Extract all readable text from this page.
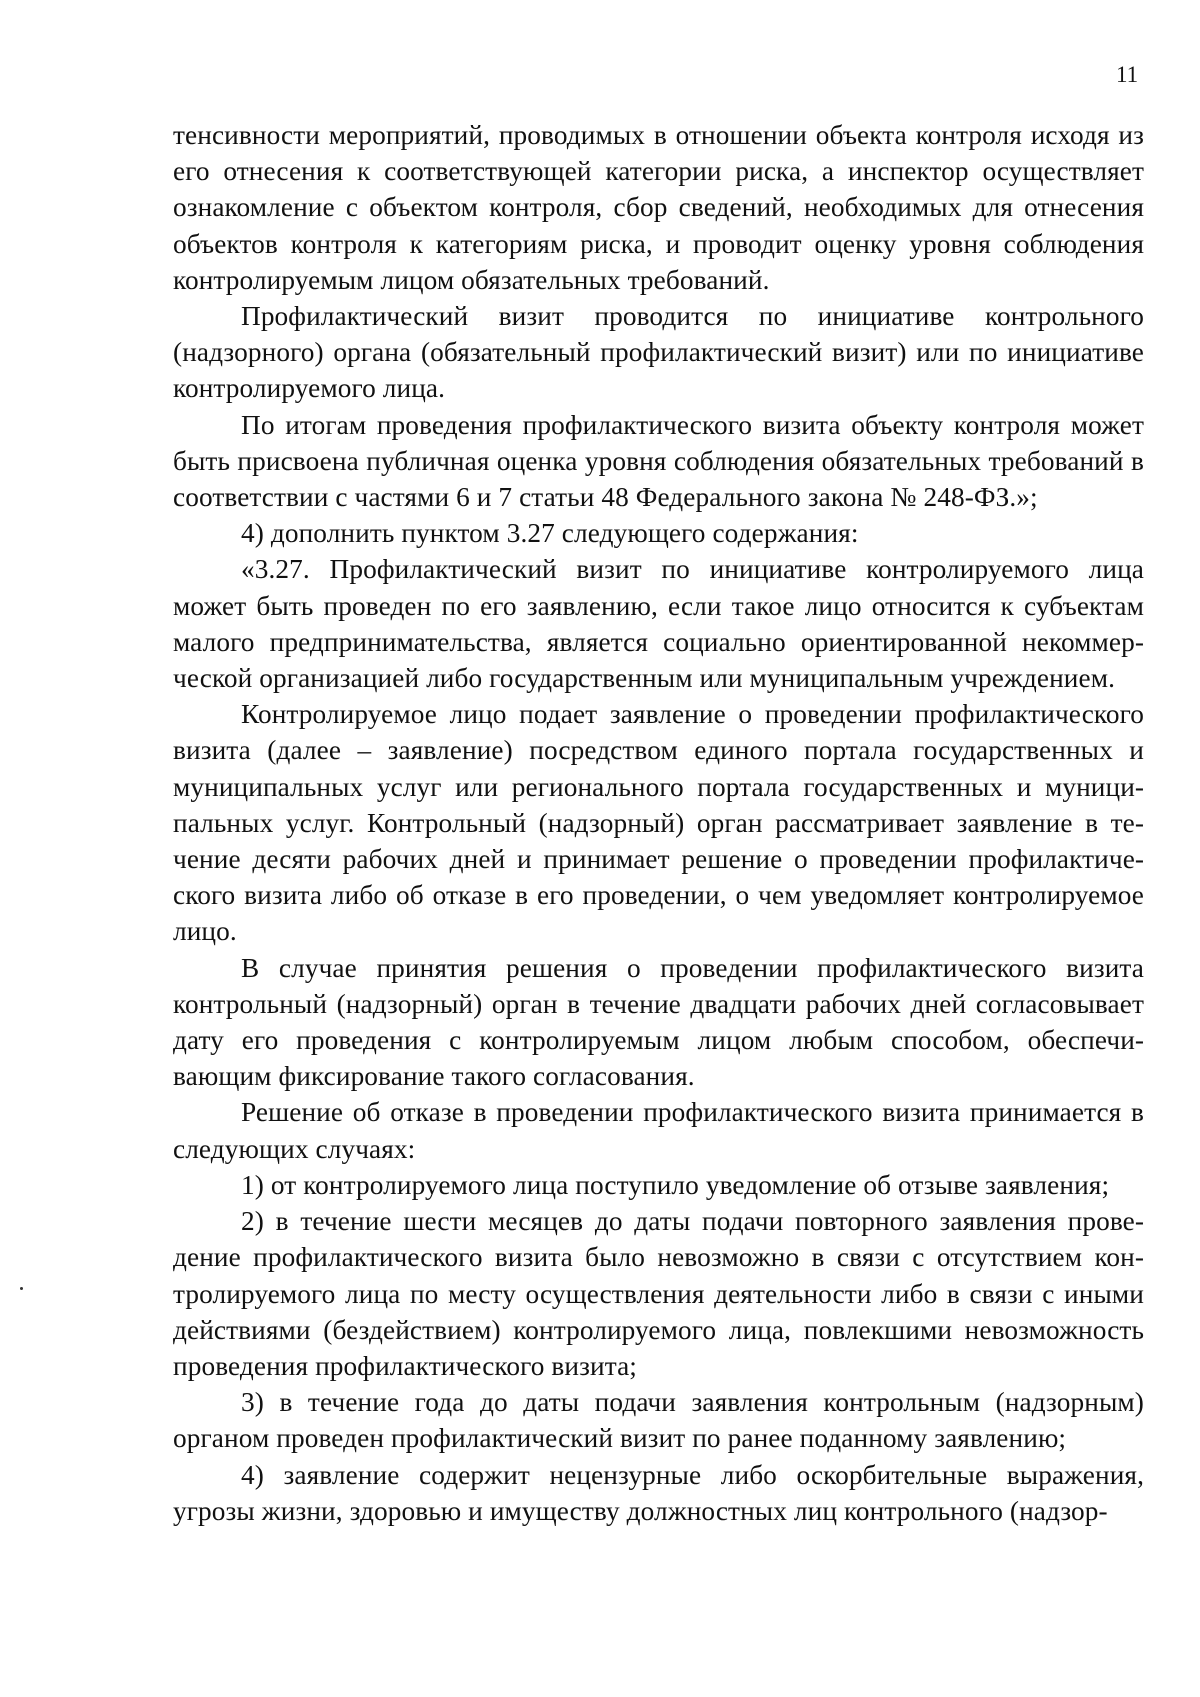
11

тенсивности мероприятий, проводимых в отношении объекта контроля исходя из его отнесения к соответствующей категории риска, а инспектор осуществляет ознакомление с объектом контроля, сбор сведений, необходимых для отнесения объектов контроля к категориям риска, и проводит оценку уровня соблюдения контролируемым лицом обязательных требований.

Профилактический визит проводится по инициативе контрольного (надзорного) органа (обязательный профилактический визит) или по инициативе контролируемого лица.

По итогам проведения профилактического визита объекту контроля может быть присвоена публичная оценка уровня соблюдения обязательных требований в соответствии с частями 6 и 7 статьи 48 Федерального закона № 248-ФЗ.»;

4) дополнить пунктом 3.27 следующего содержания:

«3.27. Профилактический визит по инициативе контролируемого лица может быть проведен по его заявлению, если такое лицо относится к субъектам малого предпринимательства, является социально ориентированной некоммерческой организацией либо государственным или муниципальным учреждением.

Контролируемое лицо подает заявление о проведении профилактического визита (далее – заявление) посредством единого портала государственных и муниципальных услуг или регионального портала государственных и муниципальных услуг. Контрольный (надзорный) орган рассматривает заявление в течение десяти рабочих дней и принимает решение о проведении профилактического визита либо об отказе в его проведении, о чем уведомляет контролируемое лицо.

В случае принятия решения о проведении профилактического визита контрольный (надзорный) орган в течение двадцати рабочих дней согласовывает дату его проведения с контролируемым лицом любым способом, обеспечивающим фиксирование такого согласования.

Решение об отказе в проведении профилактического визита принимается в следующих случаях:

1) от контролируемого лица поступило уведомление об отзыве заявления;

2) в течение шести месяцев до даты подачи повторного заявления проведение профилактического визита было невозможно в связи с отсутствием контролируемого лица по месту осуществления деятельности либо в связи с иными действиями (бездействием) контролируемого лица, повлекшими невозможность проведения профилактического визита;

3) в течение года до даты подачи заявления контрольным (надзорным) органом проведен профилактический визит по ранее поданному заявлению;

4) заявление содержит нецензурные либо оскорбительные выражения, угрозы жизни, здоровью и имуществу должностных лиц контрольного (надзор-
